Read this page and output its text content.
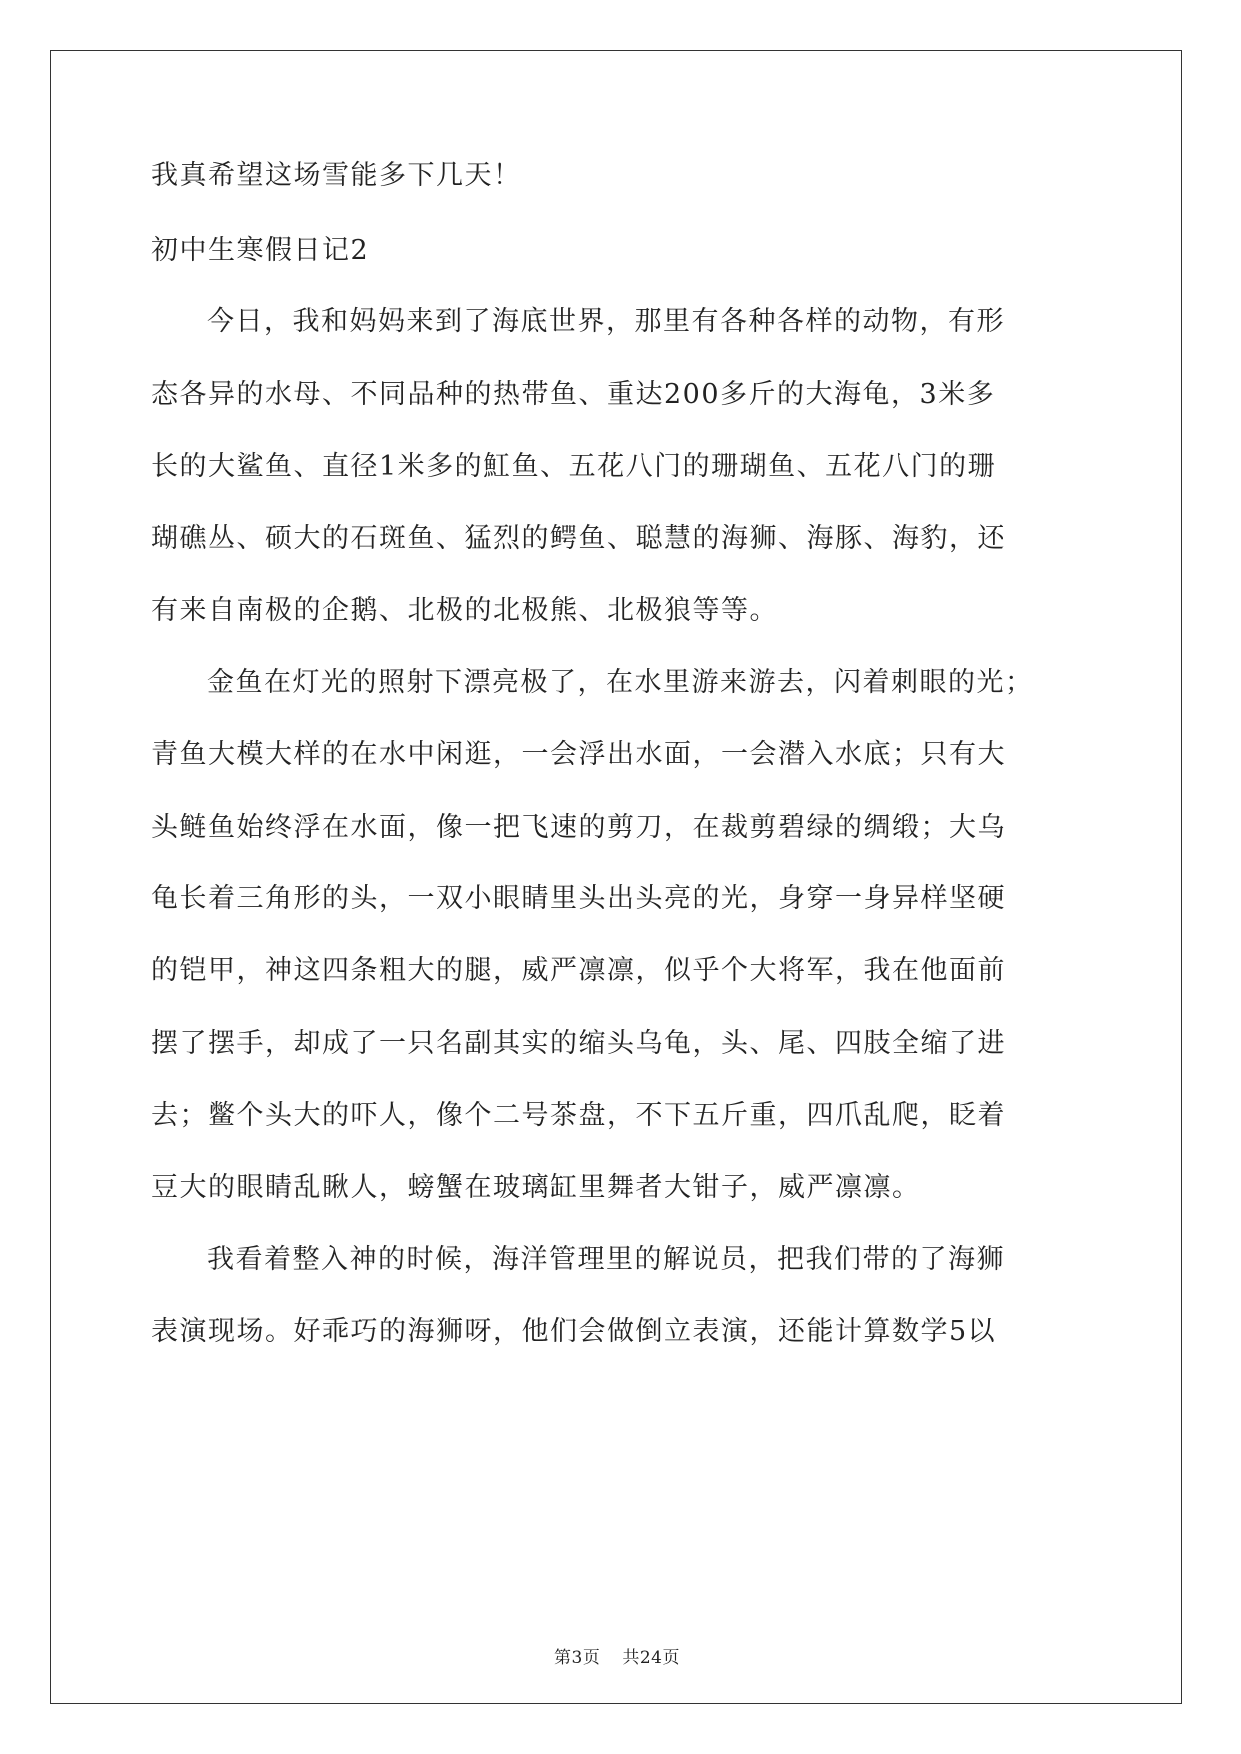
我真希望这场雪能多下几天！
初中生寒假日记2
今日，我和妈妈来到了海底世界，那里有各种各样的动物，有形
态各异的水母、不同品种的热带鱼、重达200多斤的大海龟，3米多
长的大鲨鱼、直径1米多的魟鱼、五花八门的珊瑚鱼、五花八门的珊
瑚礁丛、硕大的石斑鱼、猛烈的鳄鱼、聪慧的海狮、海豚、海豹，还
有来自南极的企鹅、北极的北极熊、北极狼等等。
金鱼在灯光的照射下漂亮极了，在水里游来游去，闪着刺眼的光；
青鱼大模大样的在水中闲逛，一会浮出水面，一会潜入水底；只有大
头鲢鱼始终浮在水面，像一把飞速的剪刀，在裁剪碧绿的绸缎；大乌
龟长着三角形的头，一双小眼睛里头出头亮的光，身穿一身异样坚硬
的铠甲，神这四条粗大的腿，威严凛凛，似乎个大将军，我在他面前
摆了摆手，却成了一只名副其实的缩头乌龟，头、尾、四肢全缩了进
去；鳖个头大的吓人，像个二号茶盘，不下五斤重，四爪乱爬，眨着
豆大的眼睛乱瞅人，螃蟹在玻璃缸里舞者大钳子，威严凛凛。
我看着整入神的时候，海洋管理里的解说员，把我们带的了海狮
表演现场。好乖巧的海狮呀，他们会做倒立表演，还能计算数学5以
第3页 共24页
